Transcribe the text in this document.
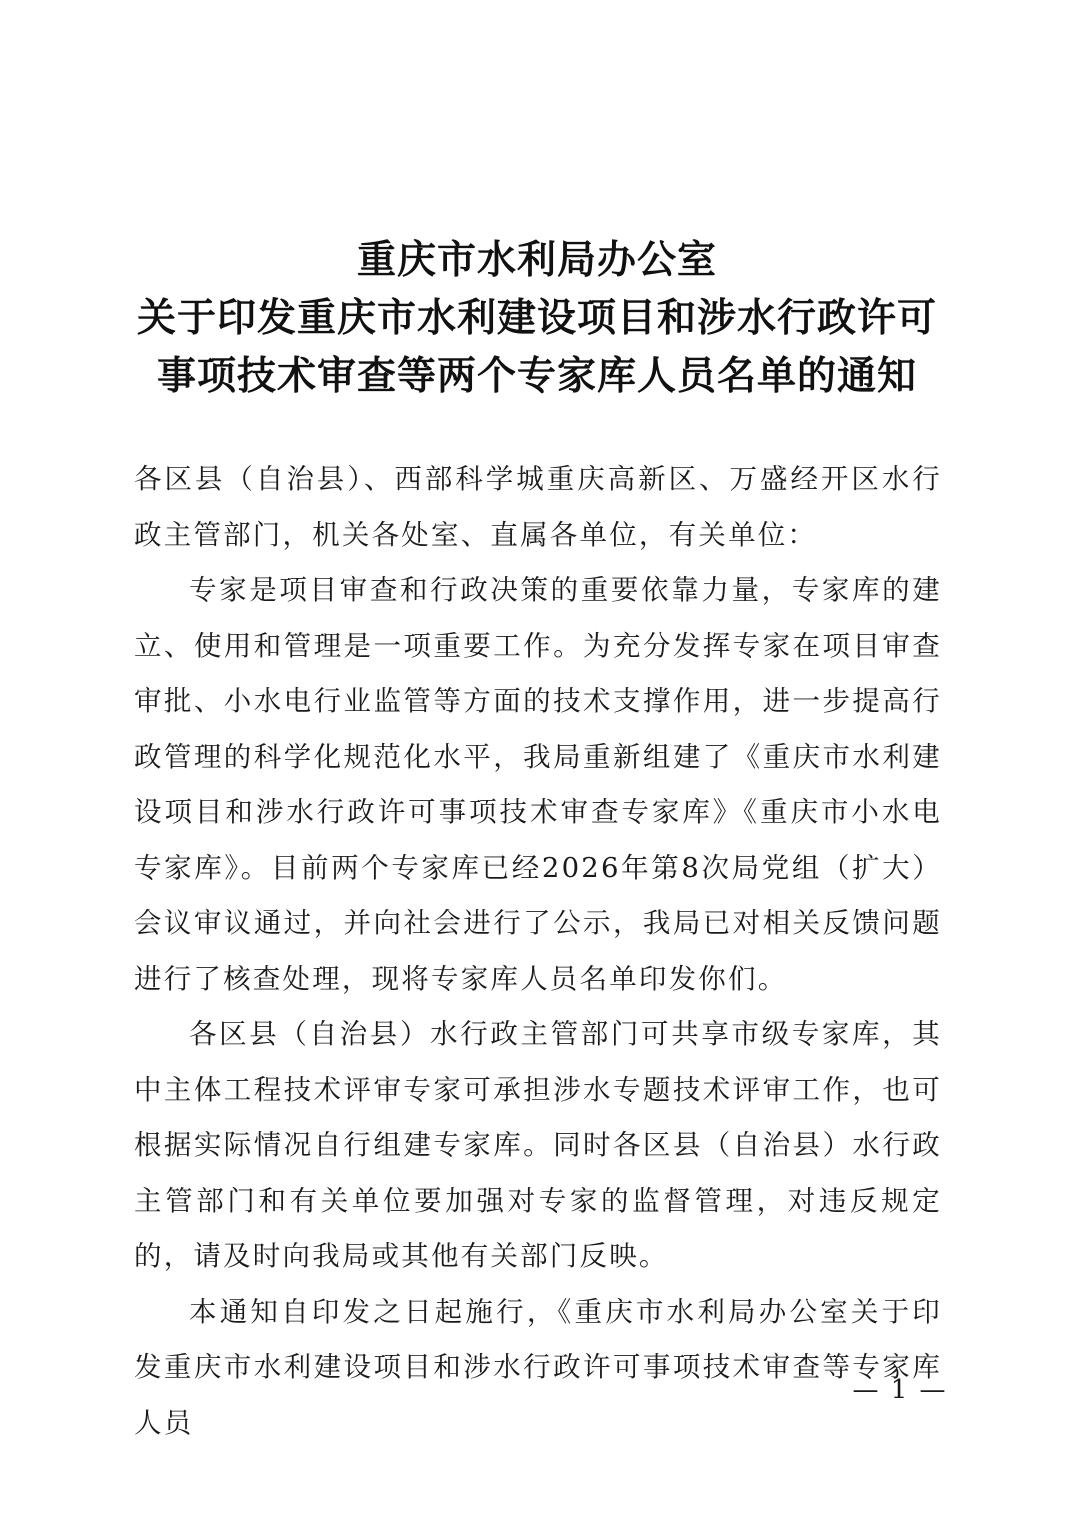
重庆市水利局办公室
关于印发重庆市水利建设项目和涉水行政许可
事项技术审查等两个专家库人员名单的通知

各区县（自治县）、西部科学城重庆高新区、万盛经开区水行政主管部门，机关各处室、直属各单位，有关单位：

专家是项目审查和行政决策的重要依靠力量，专家库的建立、使用和管理是一项重要工作。为充分发挥专家在项目审查审批、小水电行业监管等方面的技术支撑作用，进一步提高行政管理的科学化规范化水平，我局重新组建了《重庆市水利建设项目和涉水行政许可事项技术审查专家库》《重庆市小水电专家库》。目前两个专家库已经2026年第8次局党组（扩大）会议审议通过，并向社会进行了公示，我局已对相关反馈问题进行了核查处理，现将专家库人员名单印发你们。

各区县（自治县）水行政主管部门可共享市级专家库，其中主体工程技术评审专家可承担涉水专题技术评审工作，也可根据实际情况自行组建专家库。同时各区县（自治县）水行政主管部门和有关单位要加强对专家的监督管理，对违反规定的，请及时向我局或其他有关部门反映。

本通知自印发之日起施行，《重庆市水利局办公室关于印发重庆市水利建设项目和涉水行政许可事项技术审查等专家库人员

— 1 —
